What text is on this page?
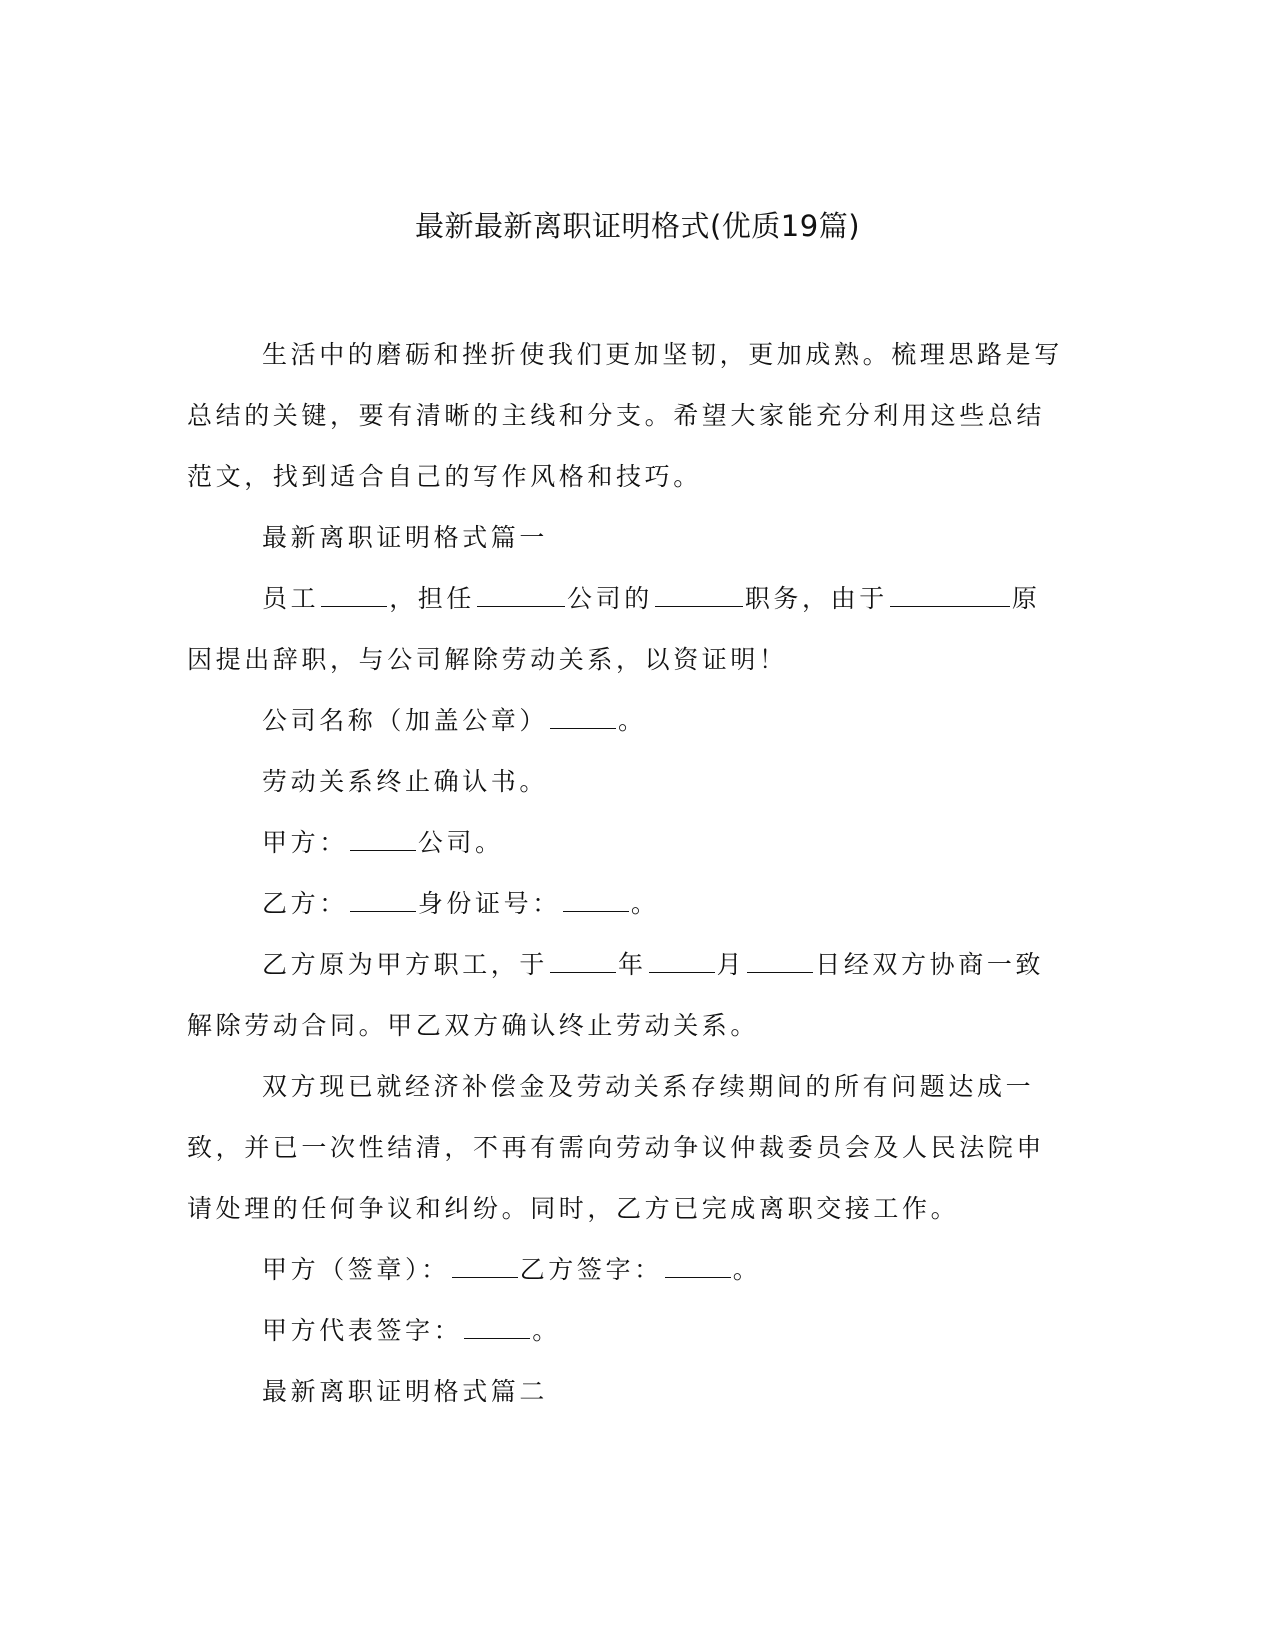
最新最新离职证明格式(优质19篇)

生活中的磨砺和挫折使我们更加坚韧，更加成熟。梳理思路是写总结的关键，要有清晰的主线和分支。希望大家能充分利用这些总结范文，找到适合自己的写作风格和技巧。

最新离职证明格式篇一

员工	，担任	公司的	职务，由于	原因提出辞职，与公司解除劳动关系，以资证明！

公司名称（加盖公章）	。

劳动关系终止确认书。

甲方：	公司。

乙方：	身份证号：	。

乙方原为甲方职工，于	年	月	日经双方协商一致解除劳动合同。甲乙双方确认终止劳动关系。

双方现已就经济补偿金及劳动关系存续期间的所有问题达成一致，并已一次性结清，不再有需向劳动争议仲裁委员会及人民法院申请处理的任何争议和纠纷。同时，乙方已完成离职交接工作。

甲方（签章）：	乙方签字：	。

甲方代表签字：	。

最新离职证明格式篇二
